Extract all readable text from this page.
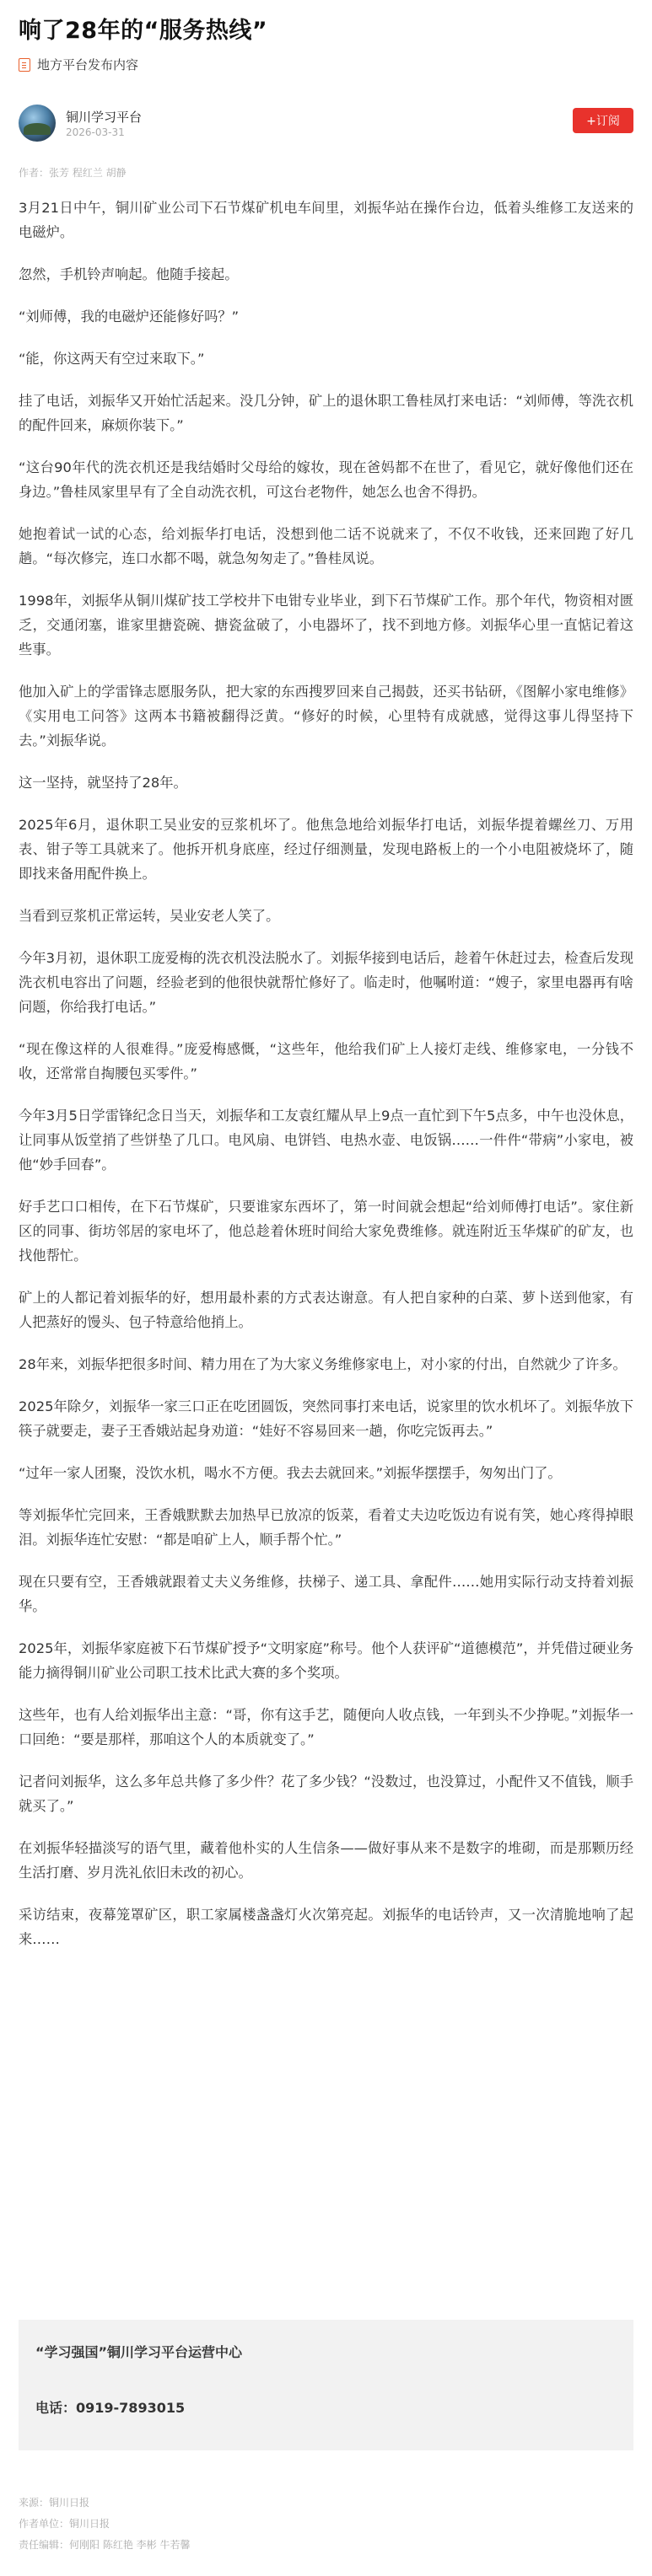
响了28年的“服务热线”
地方平台发布内容
铜川学习平台
2026-03-31
+订阅
作者：张芳 程红兰 胡静

3月21日中午，铜川矿业公司下石节煤矿机电车间里，刘振华站在操作台边，低着头维修工友送来的电磁炉。

忽然，手机铃声响起。他随手接起。

“刘师傅，我的电磁炉还能修好吗？”

“能，你这两天有空过来取下。”

挂了电话，刘振华又开始忙活起来。没几分钟，矿上的退休职工鲁桂凤打来电话：“刘师傅，等洗衣机的配件回来，麻烦你装下。”

“这台90年代的洗衣机还是我结婚时父母给的嫁妆，现在爸妈都不在世了，看见它，就好像他们还在身边。”鲁桂凤家里早有了全自动洗衣机，可这台老物件，她怎么也舍不得扔。

她抱着试一试的心态，给刘振华打电话，没想到他二话不说就来了，不仅不收钱，还来回跑了好几趟。“每次修完，连口水都不喝，就急匆匆走了。”鲁桂凤说。

1998年，刘振华从铜川煤矿技工学校井下电钳专业毕业，到下石节煤矿工作。那个年代，物资相对匮乏，交通闭塞，谁家里搪瓷碗、搪瓷盆破了，小电器坏了，找不到地方修。刘振华心里一直惦记着这些事。

他加入矿上的学雷锋志愿服务队，把大家的东西搜罗回来自己揭鼓，还买书钻研，《图解小家电维修》《实用电工问答》这两本书籍被翻得泛黄。“修好的时候，心里特有成就感，觉得这事儿得坚持下去。”刘振华说。

这一坚持，就坚持了28年。

2025年6月，退休职工吴业安的豆浆机坏了。他焦急地给刘振华打电话，刘振华提着螺丝刀、万用表、钳子等工具就来了。他拆开机身底座，经过仔细测量，发现电路板上的一个小电阻被烧坏了，随即找来备用配件换上。

当看到豆浆机正常运转，吴业安老人笑了。

今年3月初，退休职工庞爱梅的洗衣机没法脱水了。刘振华接到电话后，趁着午休赶过去，检查后发现洗衣机电容出了问题，经验老到的他很快就帮忙修好了。临走时，他嘱咐道：“嫂子，家里电器再有啥问题，你给我打电话。”

“现在像这样的人很难得。”庞爱梅感慨，“这些年，他给我们矿上人接灯走线、维修家电，一分钱不收，还常常自掏腰包买零件。”

今年3月5日学雷锋纪念日当天，刘振华和工友袁红耀从早上9点一直忙到下午5点多，中午也没休息，让同事从饭堂捎了些饼垫了几口。电风扇、电饼铛、电热水壶、电饭锅……一件件“带病”小家电，被他“妙手回春”。

好手艺口口相传，在下石节煤矿，只要谁家东西坏了，第一时间就会想起“给刘师傅打电话”。家住新区的同事、街坊邻居的家电坏了，他总趁着休班时间给大家免费维修。就连附近玉华煤矿的矿友，也找他帮忙。

矿上的人都记着刘振华的好，想用最朴素的方式表达谢意。有人把自家种的白菜、萝卜送到他家，有人把蒸好的馒头、包子特意给他捎上。

28年来，刘振华把很多时间、精力用在了为大家义务维修家电上，对小家的付出，自然就少了许多。

2025年除夕，刘振华一家三口正在吃团圆饭，突然同事打来电话，说家里的饮水机坏了。刘振华放下筷子就要走，妻子王香娥站起身劝道：“娃好不容易回来一趟，你吃完饭再去。”

“过年一家人团聚，没饮水机，喝水不方便。我去去就回来。”刘振华摆摆手，匆匆出门了。

等刘振华忙完回来，王香娥默默去加热早已放凉的饭菜，看着丈夫边吃饭边有说有笑，她心疼得掉眼泪。刘振华连忙安慰：“都是咱矿上人，顺手帮个忙。”

现在只要有空，王香娥就跟着丈夫义务维修，扶梯子、递工具、拿配件……她用实际行动支持着刘振华。

2025年，刘振华家庭被下石节煤矿授予“文明家庭”称号。他个人获评矿“道德模范”，并凭借过硬业务能力摘得铜川矿业公司职工技术比武大赛的多个奖项。

这些年，也有人给刘振华出主意：“哥，你有这手艺，随便向人收点钱，一年到头不少挣呢。”刘振华一口回绝：“要是那样，那咱这个人的本质就变了。”

记者问刘振华，这么多年总共修了多少件？花了多少钱？“没数过，也没算过，小配件又不值钱，顺手就买了。”

在刘振华轻描淡写的语气里，藏着他朴实的人生信条——做好事从来不是数字的堆砌，而是那颗历经生活打磨、岁月洗礼依旧未改的初心。

采访结束，夜幕笼罩矿区，职工家属楼盏盏灯火次第亮起。刘振华的电话铃声，又一次清脆地响了起来……

“学习强国”铜川学习平台运营中心
电话：0919-7893015
来源：铜川日报
作者单位：铜川日报
责任编辑：何刚阳 陈红艳 李彬 牛若馨
